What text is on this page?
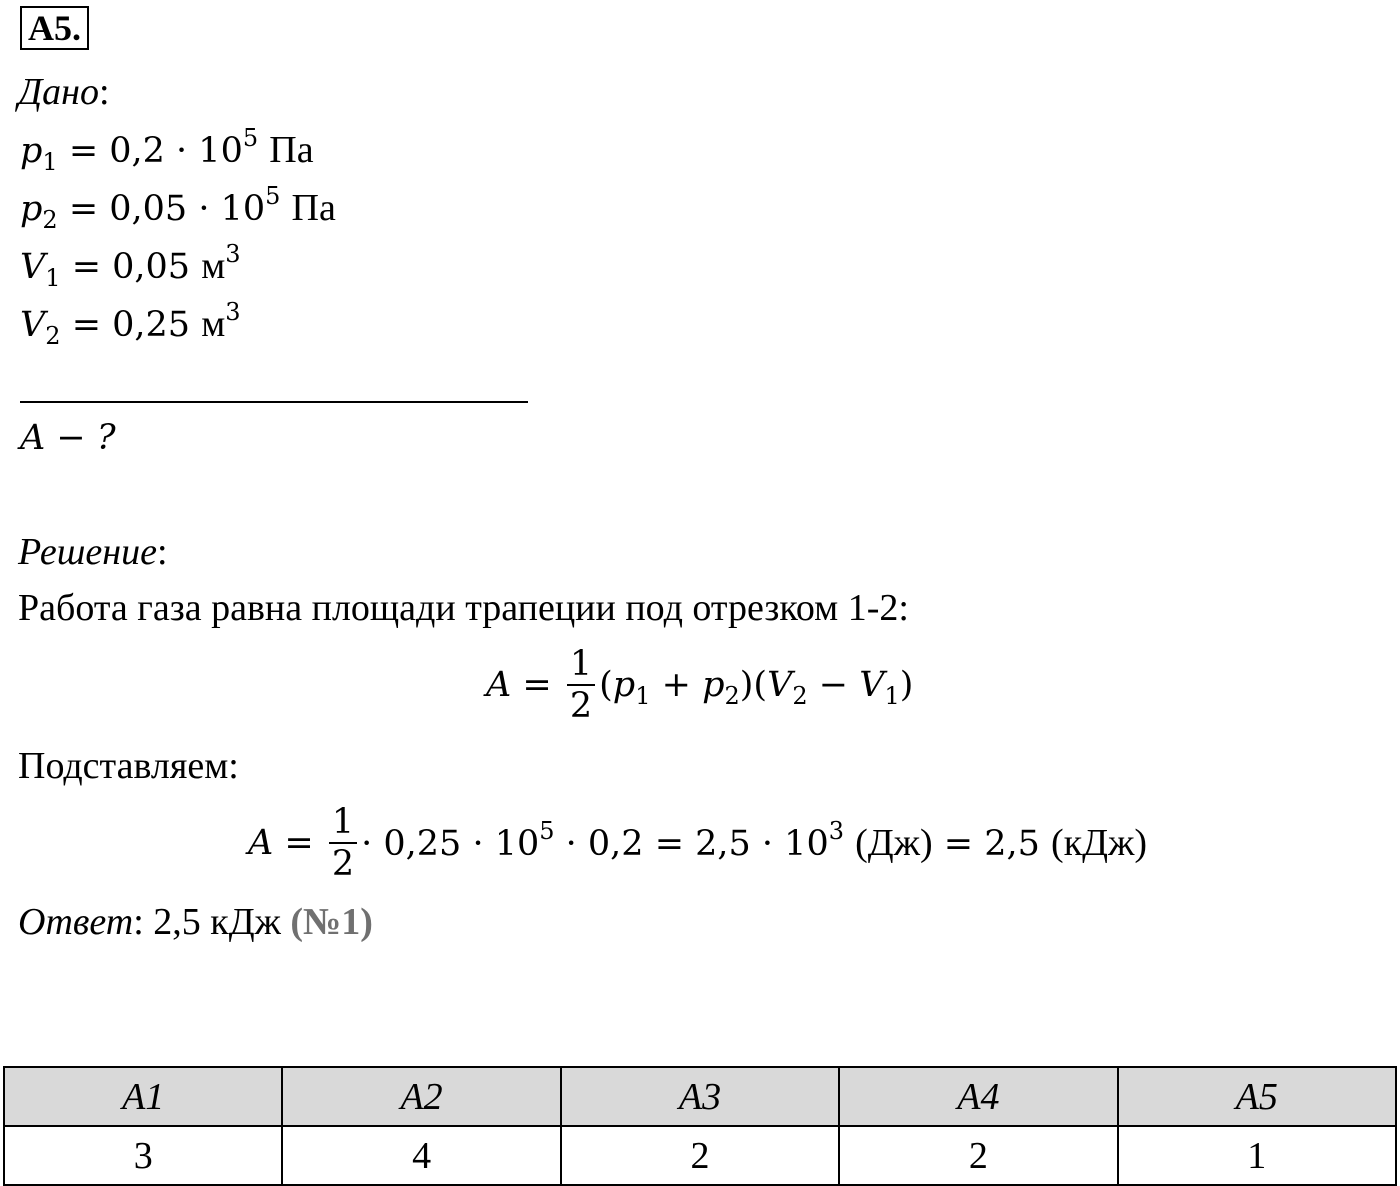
A5.
Дано:
$p_1 = 0,2 \cdot 10^5$ Па
$p_2 = 0,05 \cdot 10^5$ Па
$V_1 = 0,05$ $м^3$
$V_2 = 0,25$ $м^3$
A − ?
Решение:
Работа газа равна площади трапеции под отрезком 1-2:
$A = \frac{1}{2} (p_1 + p_2)(V_2 - V_1)$
Подставляем:
$A = \frac{1}{2} \cdot 0,25 \cdot 10^5 \cdot 0,2 = 2,5 \cdot 10^3$ (Дж) = 2,5 (кДж)
Ответ: 2,5 кДж (№1)
A1	A2	A3	A4	A5
3	4	2	2	1
